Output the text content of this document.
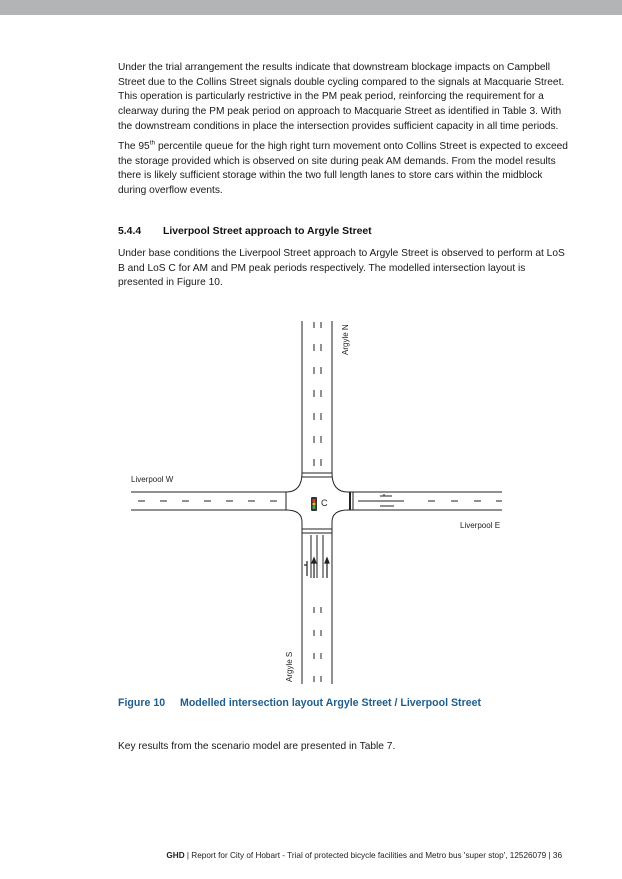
Under the trial arrangement the results indicate that downstream blockage impacts on Campbell Street due to the Collins Street signals double cycling compared to the signals at Macquarie Street. This operation is particularly restrictive in the PM peak period, reinforcing the requirement for a clearway during the PM peak period on approach to Macquarie Street as identified in Table 3. With the downstream conditions in place the intersection provides sufficient capacity in all time periods.

The 95th percentile queue for the high right turn movement onto Collins Street is expected to exceed the storage provided which is observed on site during peak AM demands. From the model results there is likely sufficient storage within the two full length lanes to store cars within the midblock during overflow events.

5.4.4 Liverpool Street approach to Argyle Street

Under base conditions the Liverpool Street approach to Argyle Street is observed to perform at LoS B and LoS C for AM and PM peak periods respectively. The modelled intersection layout is presented in Figure 10.

C
Liverpool W
Liverpool E
Argyle N
Argyle S
Figure 10 Modelled intersection layout Argyle Street / Liverpool Street

Key results from the scenario model are presented in Table 7.

GHD | Report for City of Hobart - Trial of protected bicycle facilities and Metro bus 'super stop', 12526079 | 36
